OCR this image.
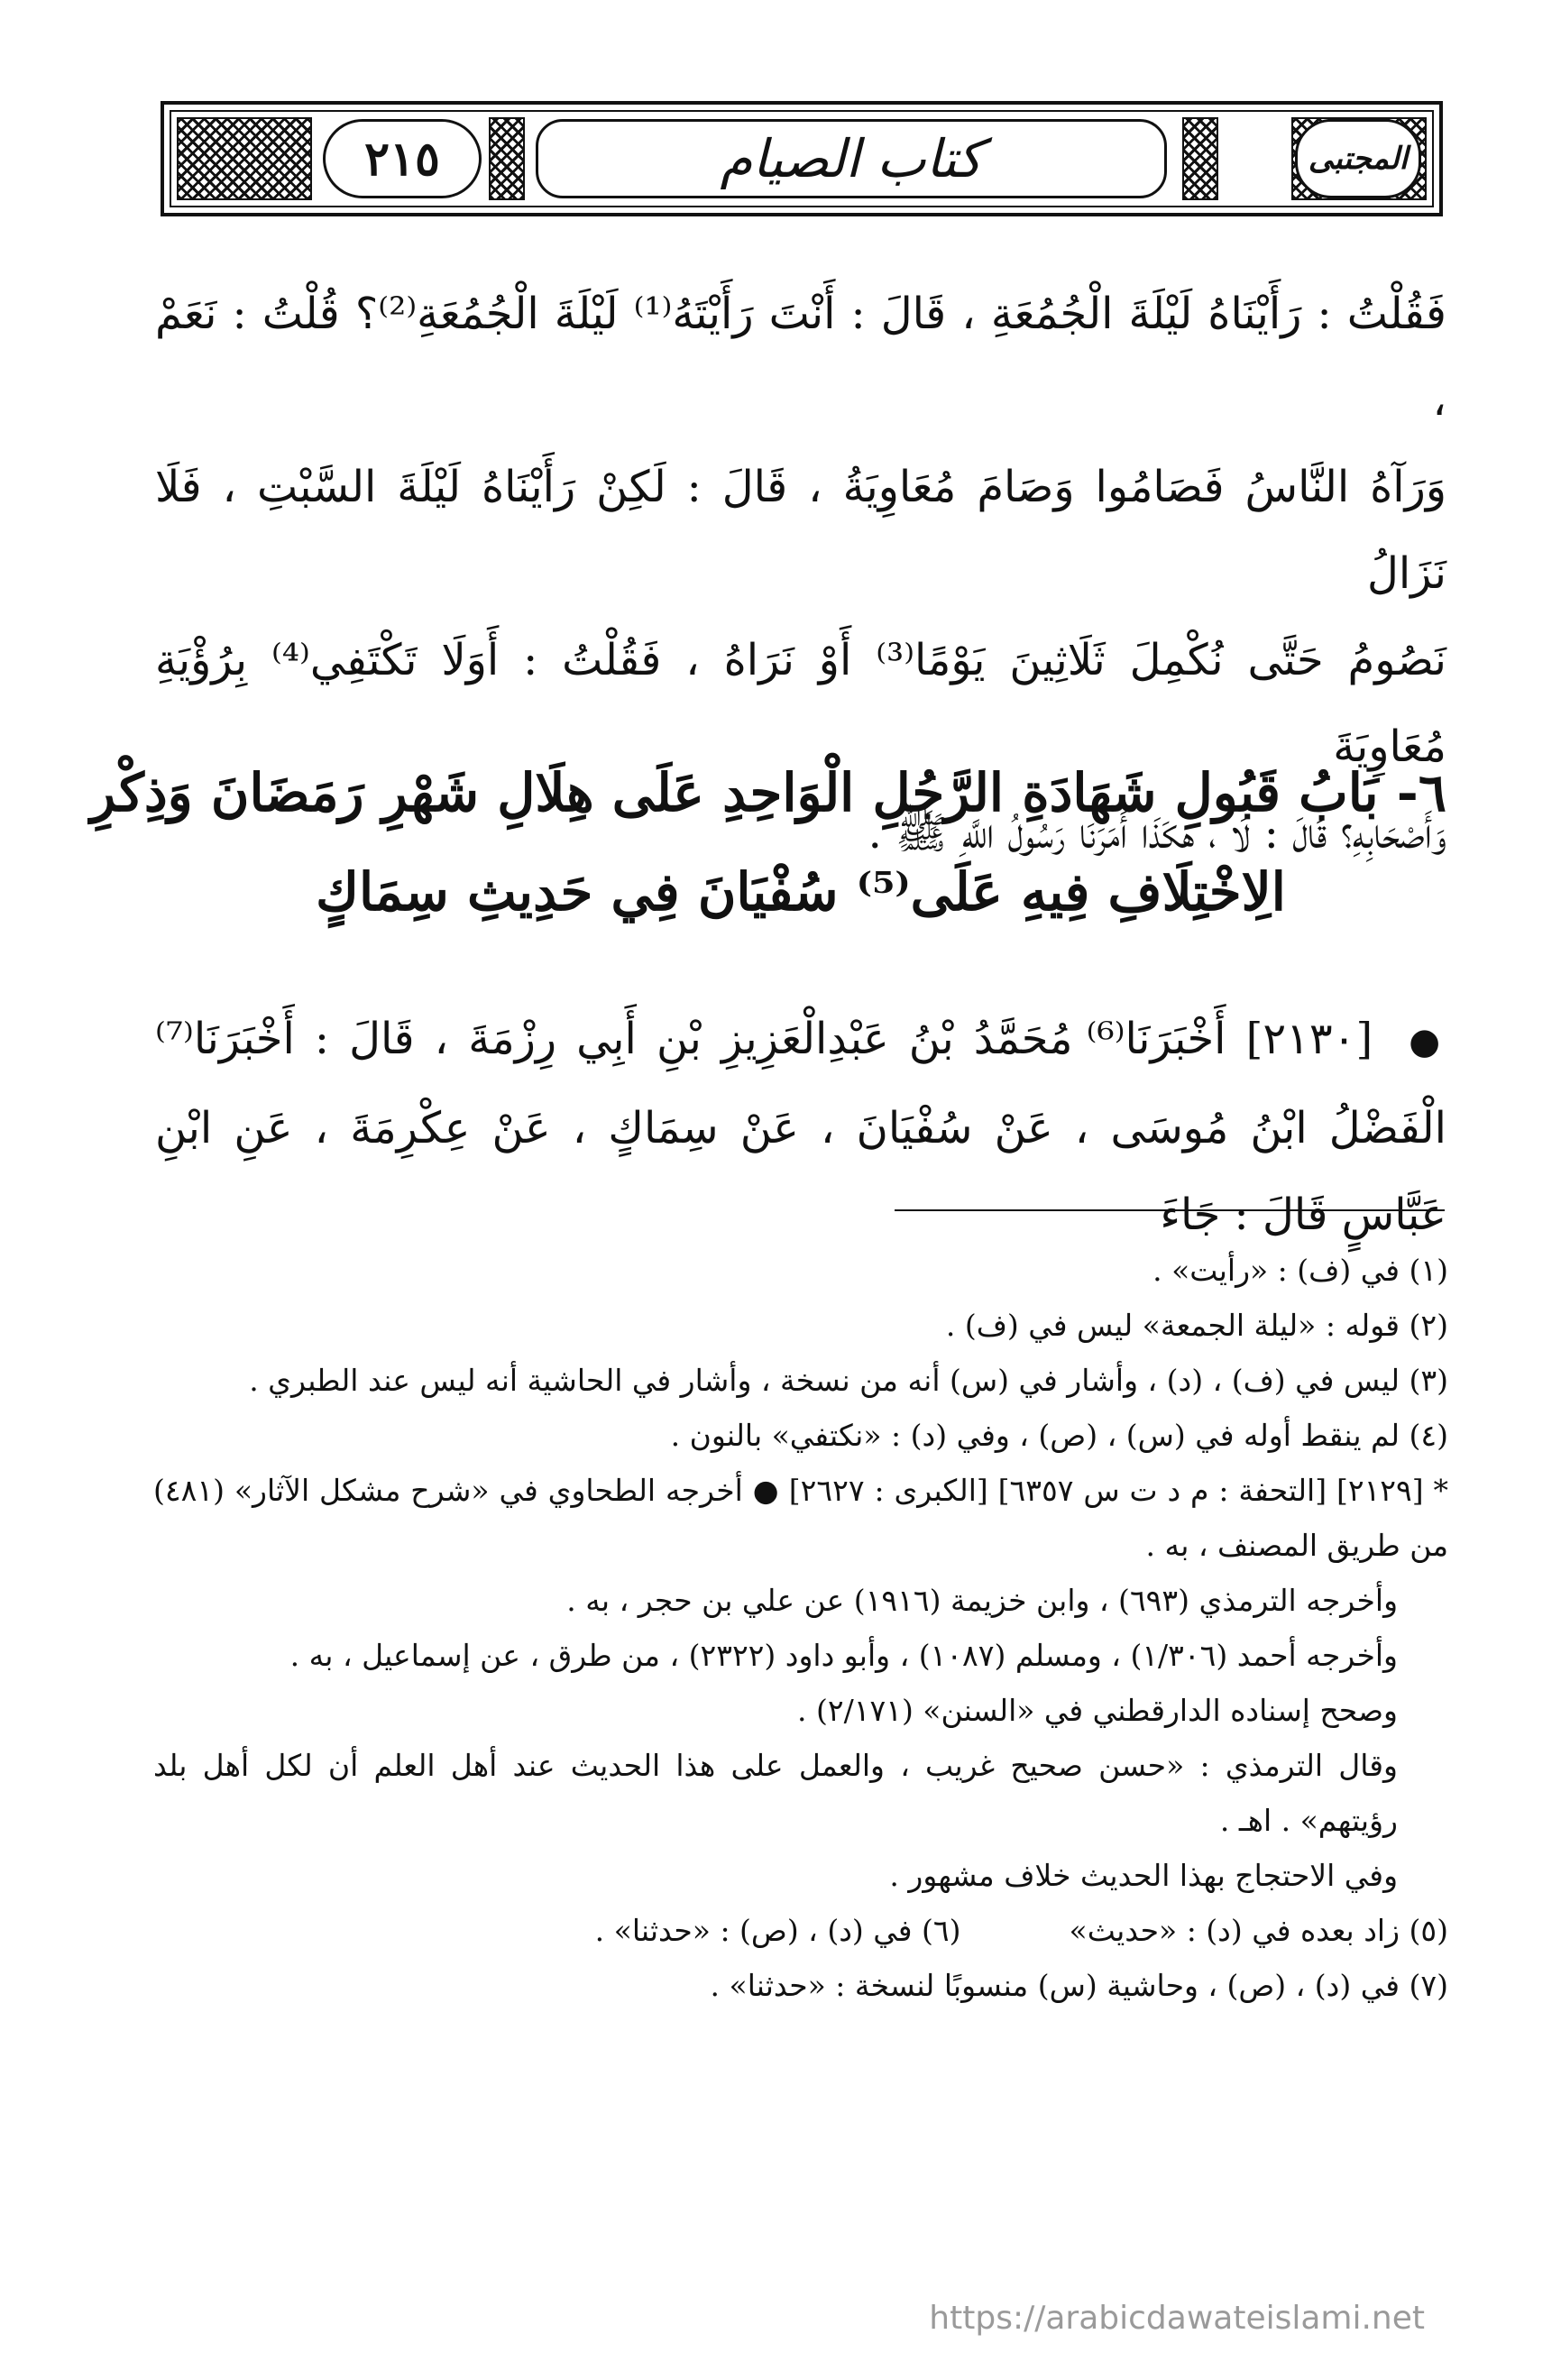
٢١٥	كتاب الصيام	المجتبى

فَقُلْتُ : رَأَيْنَاهُ لَيْلَةَ الْجُمُعَةِ ، قَالَ : أَنْتَ رَأَيْتَهُ⁽¹⁾ لَيْلَةَ الْجُمُعَةِ⁽²⁾؟ قُلْتُ : نَعَمْ ،

وَرَآهُ النَّاسُ فَصَامُوا وَصَامَ مُعَاوِيَةُ ، قَالَ : لَكِنْ رَأَيْنَاهُ لَيْلَةَ السَّبْتِ ، فَلَا نَزَالُ

نَصُومُ حَتَّى نُكْمِلَ ثَلَاثِينَ يَوْمًا⁽³⁾ أَوْ نَرَاهُ ، فَقُلْتُ : أَوَلَا تَكْتَفِي⁽⁴⁾ بِرُؤْيَةِ مُعَاوِيَةَ

وَأَصْحَابِهِ؟ قَالَ : لَا ، هَكَذَا أَمَرَنَا رَسُولُ اللَّهِ ﷺ .

٦- بَابُ قَبُولِ شَهَادَةِ الرَّجُلِ الْوَاحِدِ عَلَى هِلَالِ شَهْرِ رَمَضَانَ وَذِكْرِ
الِاخْتِلَافِ فِيهِ عَلَى⁽⁵⁾ سُفْيَانَ فِي حَدِيثِ سِمَاكٍ
● [٢١٣٠] أَخْبَرَنَا⁽⁶⁾ مُحَمَّدُ بْنُ عَبْدِالْعَزِيزِ بْنِ أَبِي رِزْمَةَ ، قَالَ : أَخْبَرَنَا⁽⁷⁾ الْفَضْلُ ابْنُ مُوسَى ، عَنْ سُفْيَانَ ، عَنْ سِمَاكٍ ، عَنْ عِكْرِمَةَ ، عَنِ ابْنِ عَبَّاسٍ قَالَ : جَاءَ

(١) في (ف) : «رأيت» .

(٢) قوله : «ليلة الجمعة» ليس في (ف) .

(٣) ليس في (ف) ، (د) ، وأشار في (س) أنه من نسخة ، وأشار في الحاشية أنه ليس عند الطبري .

(٤) لم ينقط أوله في (س) ، (ص) ، وفي (د) : «نكتفي» بالنون .

* [٢١٢٩] [التحفة : م د ت س ٦٣٥٧] [الكبرى : ٢٦٢٧] ● أخرجه الطحاوي في «شرح مشكل الآثار» (٤٨١) من طريق المصنف ، به .

وأخرجه الترمذي (٦٩٣) ، وابن خزيمة (١٩١٦) عن علي بن حجر ، به .

وأخرجه أحمد (١/٣٠٦) ، ومسلم (١٠٨٧) ، وأبو داود (٢٣٢٢) ، من طرق ، عن إسماعيل ، به .

وصحح إسناده الدارقطني في «السنن» (٢/١٧١) .

وقال الترمذي : «حسن صحيح غريب ، والعمل على هذا الحديث عند أهل العلم أن لكل أهل بلد رؤيتهم» . اهـ .

وفي الاحتجاج بهذا الحديث خلاف مشهور .

(٥) زاد بعده في (د) : «حديث»
(٦) في (د) ، (ص) : «حدثنا» .

(٧) في (د) ، (ص) ، وحاشية (س) منسوبًا لنسخة : «حدثنا» .

https://arabicdawateislami.net
